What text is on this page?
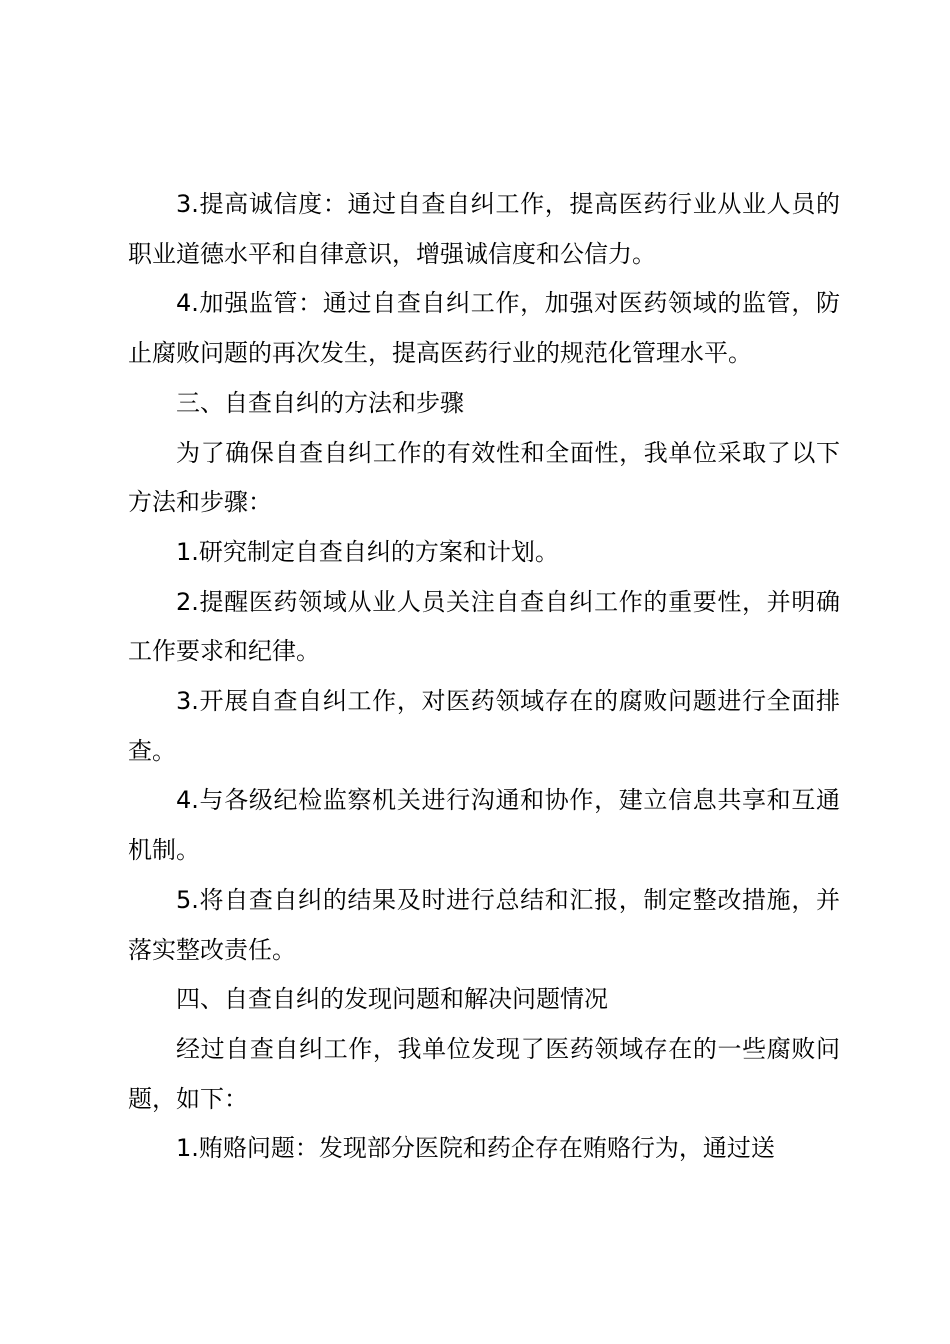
3.提高诚信度：通过自查自纠工作，提高医药行业从业人员的职业道德水平和自律意识，增强诚信度和公信力。

4.加强监管：通过自查自纠工作，加强对医药领域的监管，防止腐败问题的再次发生，提高医药行业的规范化管理水平。

三、自查自纠的方法和步骤

为了确保自查自纠工作的有效性和全面性，我单位采取了以下方法和步骤：

1.研究制定自查自纠的方案和计划。

2.提醒医药领域从业人员关注自查自纠工作的重要性，并明确工作要求和纪律。

3.开展自查自纠工作，对医药领域存在的腐败问题进行全面排查。

4.与各级纪检监察机关进行沟通和协作，建立信息共享和互通机制。

5.将自查自纠的结果及时进行总结和汇报，制定整改措施，并落实整改责任。

四、自查自纠的发现问题和解决问题情况

经过自查自纠工作，我单位发现了医药领域存在的一些腐败问题，如下：

1.贿赂问题：发现部分医院和药企存在贿赂行为，通过送
